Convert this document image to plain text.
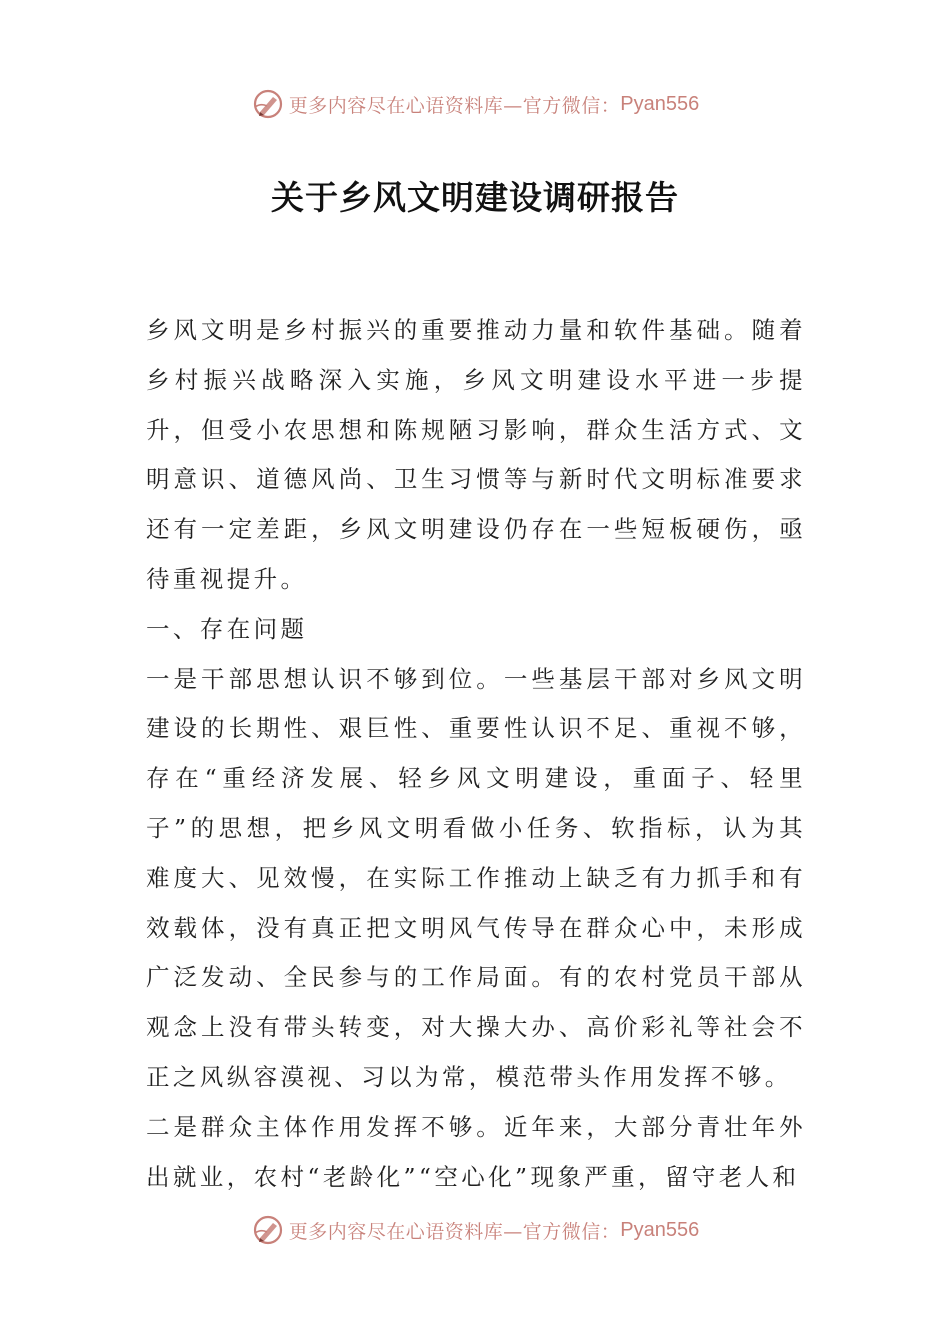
更多内容尽在心语资料库—官方微信： Pyan556
关于乡风文明建设调研报告

乡风文明是乡村振兴的重要推动力量和软件基础。随着乡村振兴战略深入实施，乡风文明建设水平进一步提升，但受小农思想和陈规陋习影响，群众生活方式、文明意识、道德风尚、卫生习惯等与新时代文明标准要求还有一定差距，乡风文明建设仍存在一些短板硬伤，亟待重视提升。

一、存在问题

一是干部思想认识不够到位。一些基层干部对乡风文明建设的长期性、艰巨性、重要性认识不足、重视不够，存在“重经济发展、轻乡风文明建设，重面子、轻里子”的思想，把乡风文明看做小任务、软指标，认为其难度大、见效慢，在实际工作推动上缺乏有力抓手和有效载体，没有真正把文明风气传导在群众心中，未形成广泛发动、全民参与的工作局面。有的农村党员干部从观念上没有带头转变，对大操大办、高价彩礼等社会不正之风纵容漠视、习以为常，模范带头作用发挥不够。

二是群众主体作用发挥不够。近年来，大部分青壮年外出就业，农村“老龄化”“空心化”现象严重，留守老人和

更多内容尽在心语资料库—官方微信： Pyan556
